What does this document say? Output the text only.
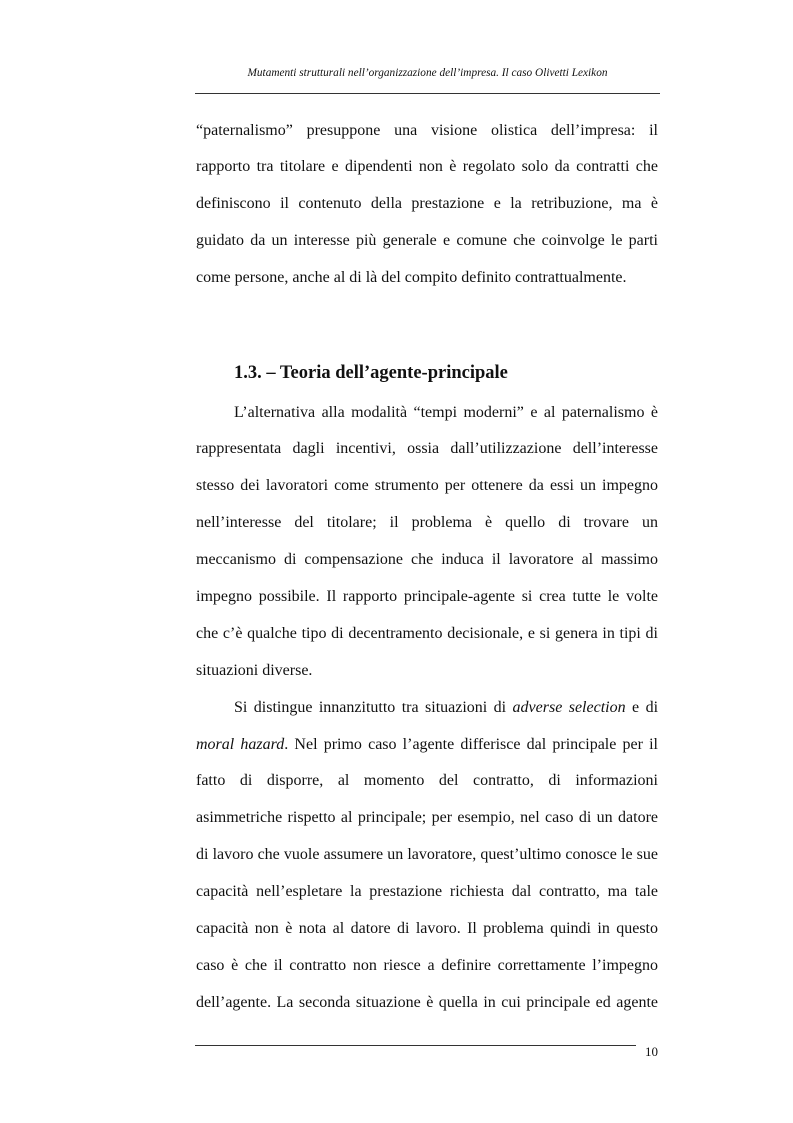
Mutamenti strutturali nell’organizzazione dell’impresa. Il caso Olivetti Lexikon
“paternalismo” presuppone una visione olistica dell’impresa: il
rapporto tra titolare e dipendenti non è regolato solo da contratti che
definiscono il contenuto della prestazione e la retribuzione, ma è
guidato da un interesse più generale e comune che coinvolge le parti
come persone, anche al di là del compito definito contrattualmente.
1.3. – Teoria dell’agente-principale
L’alternativa alla modalità “tempi moderni” e al paternalismo è
rappresentata dagli incentivi, ossia dall’utilizzazione dell’interesse
stesso dei lavoratori come strumento per ottenere da essi un impegno
nell’interesse del titolare; il problema è quello di trovare un
meccanismo di compensazione che induca il lavoratore al massimo
impegno possibile. Il rapporto principale-agente si crea tutte le volte
che c’è qualche tipo di decentramento decisionale, e si genera in tipi di
situazioni diverse.
Si distingue innanzitutto tra situazioni di adverse selection e di
moral hazard. Nel primo caso l’agente differisce dal principale per il
fatto di disporre, al momento del contratto, di informazioni
asimmetriche rispetto al principale; per esempio, nel caso di un datore
di lavoro che vuole assumere un lavoratore, quest’ultimo conosce le sue
capacità nell’espletare la prestazione richiesta dal contratto, ma tale
capacità non è nota al datore di lavoro. Il problema quindi in questo
caso è che il contratto non riesce a definire correttamente l’impegno
dell’agente. La seconda situazione è quella in cui principale ed agente
10
